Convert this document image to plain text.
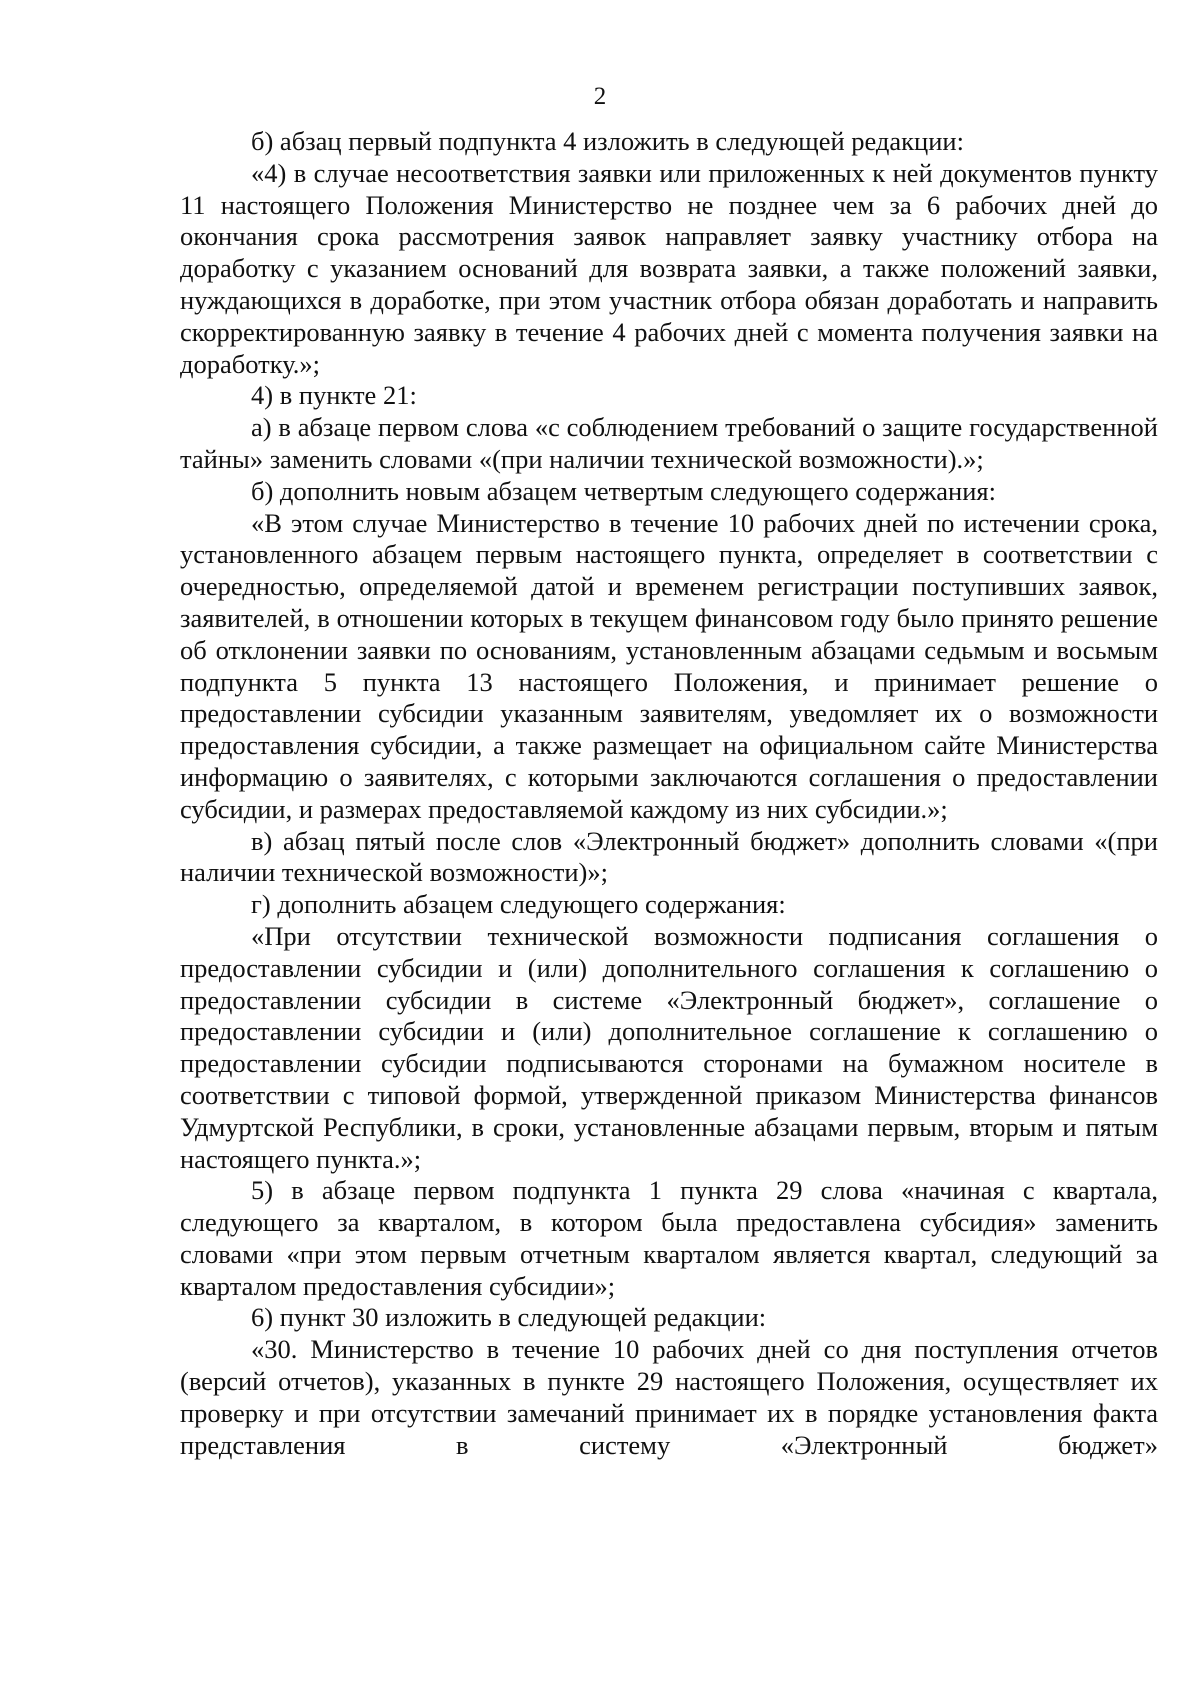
2

б) абзац первый подпункта 4 изложить в следующей редакции:

«4) в случае несоответствия заявки или приложенных к ней документов пункту 11 настоящего Положения Министерство не позднее чем за 6 рабочих дней до окончания срока рассмотрения заявок направляет заявку участнику отбора на доработку с указанием оснований для возврата заявки, а также положений заявки, нуждающихся в доработке, при этом участник отбора обязан доработать и направить скорректированную заявку в течение 4 рабочих дней с момента получения заявки на доработку.»;

4) в пункте 21:

а) в абзаце первом слова «с соблюдением требований о защите государственной тайны» заменить словами «(при наличии технической возможности).»;

б) дополнить новым абзацем четвертым следующего содержания:

«В этом случае Министерство в течение 10 рабочих дней по истечении срока, установленного абзацем первым настоящего пункта, определяет в соответствии с очередностью, определяемой датой и временем регистрации поступивших заявок, заявителей, в отношении которых в текущем финансовом году было принято решение об отклонении заявки по основаниям, установленным абзацами седьмым и восьмым подпункта 5 пункта 13 настоящего Положения, и принимает решение о предоставлении субсидии указанным заявителям, уведомляет их о возможности предоставления субсидии, а также размещает на официальном сайте Министерства информацию о заявителях, с которыми заключаются соглашения о предоставлении субсидии, и размерах предоставляемой каждому из них субсидии.»;

в) абзац пятый после слов «Электронный бюджет» дополнить словами «(при наличии технической возможности)»;

г) дополнить абзацем следующего содержания:

«При отсутствии технической возможности подписания соглашения о предоставлении субсидии и (или) дополнительного соглашения к соглашению о предоставлении субсидии в системе «Электронный бюджет», соглашение о предоставлении субсидии и (или) дополнительное соглашение к соглашению о предоставлении субсидии подписываются сторонами на бумажном носителе в соответствии с типовой формой, утвержденной приказом Министерства финансов Удмуртской Республики, в сроки, установленные абзацами первым, вторым и пятым настоящего пункта.»;

5) в абзаце первом подпункта 1 пункта 29 слова «начиная с квартала, следующего за кварталом, в котором была предоставлена субсидия» заменить словами «при этом первым отчетным кварталом является квартал, следующий за кварталом предоставления субсидии»;

6) пункт 30 изложить в следующей редакции:

«30. Министерство в течение 10 рабочих дней со дня поступления отчетов (версий отчетов), указанных в пункте 29 настоящего Положения, осуществляет их проверку и при отсутствии замечаний принимает их в порядке установления факта представления в систему «Электронный бюджет»
